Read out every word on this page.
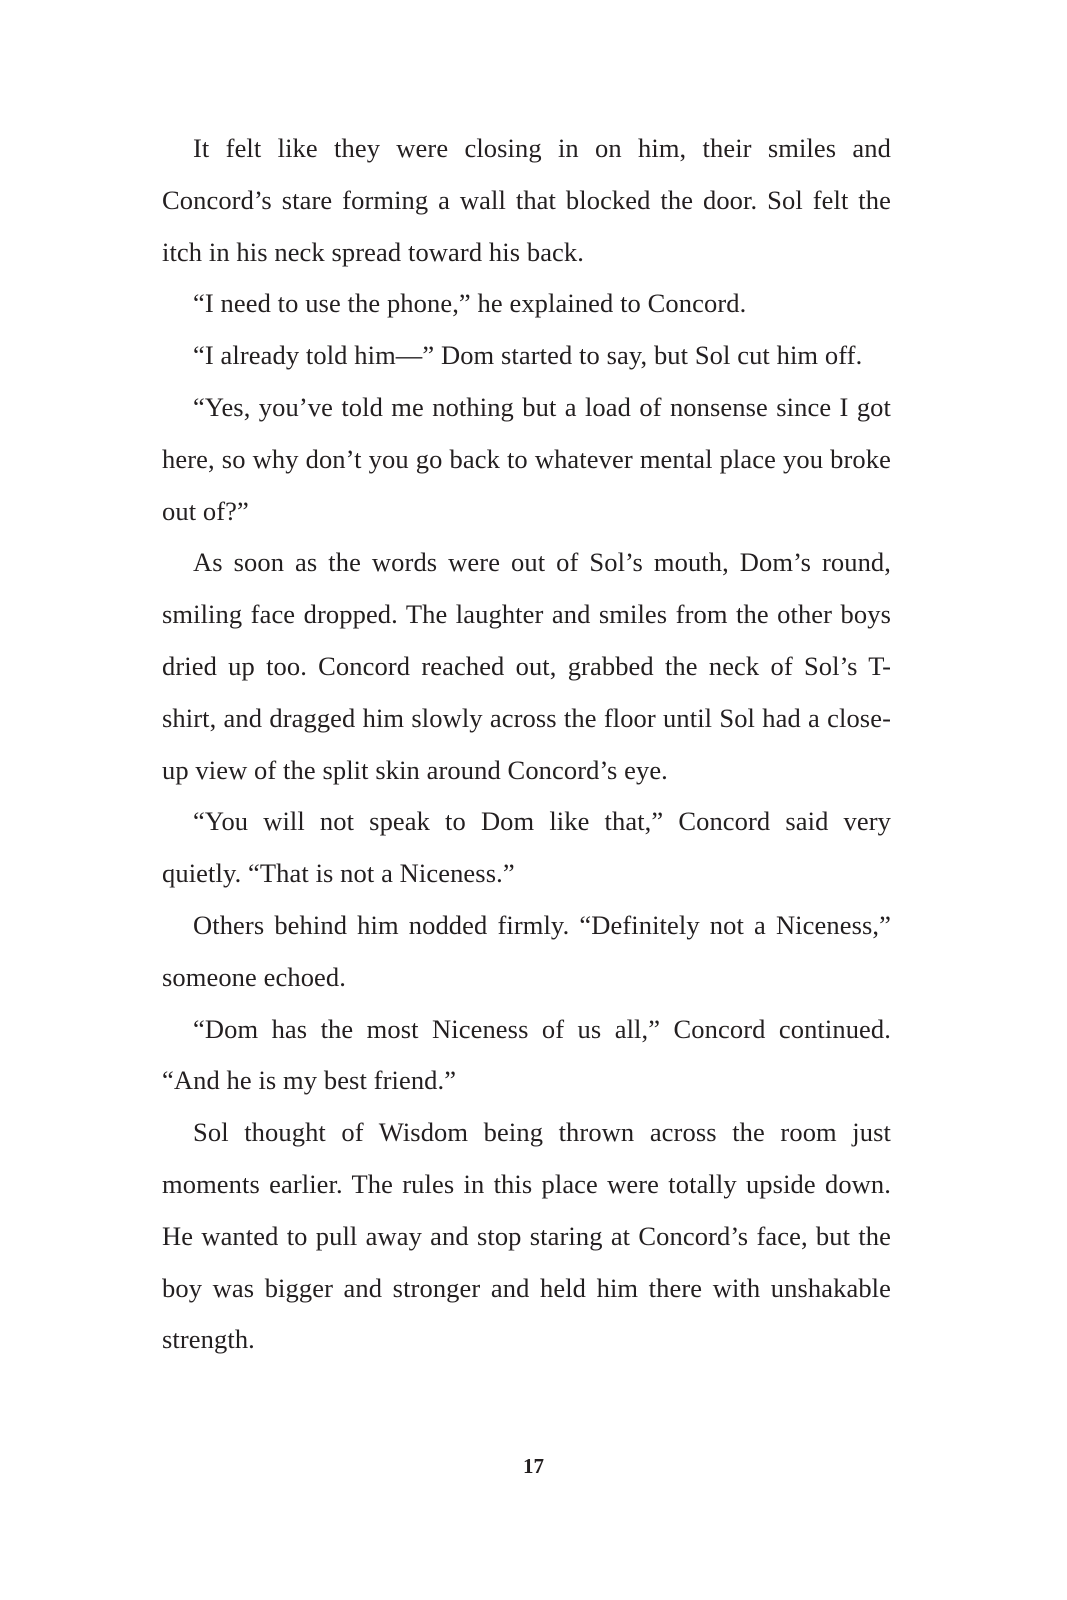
It felt like they were closing in on him, their smiles and Concord’s stare forming a wall that blocked the door. Sol felt the itch in his neck spread toward his back.

“I need to use the phone,” he explained to Concord.

“I already told him—” Dom started to say, but Sol cut him off.

“Yes, you’ve told me nothing but a load of nonsense since I got here, so why don’t you go back to whatever mental place you broke out of?”

As soon as the words were out of Sol’s mouth, Dom’s round, smiling face dropped. The laughter and smiles from the other boys dried up too. Concord reached out, grabbed the neck of Sol’s T-shirt, and dragged him slowly across the floor until Sol had a close-up view of the split skin around Concord’s eye.

“You will not speak to Dom like that,” Concord said very quietly. “That is not a Niceness.”

Others behind him nodded firmly. “Definitely not a Niceness,” someone echoed.

“Dom has the most Niceness of us all,” Concord continued. “And he is my best friend.”

Sol thought of Wisdom being thrown across the room just moments earlier. The rules in this place were totally upside down. He wanted to pull away and stop staring at Concord’s face, but the boy was bigger and stronger and held him there with unshakable strength.

17
